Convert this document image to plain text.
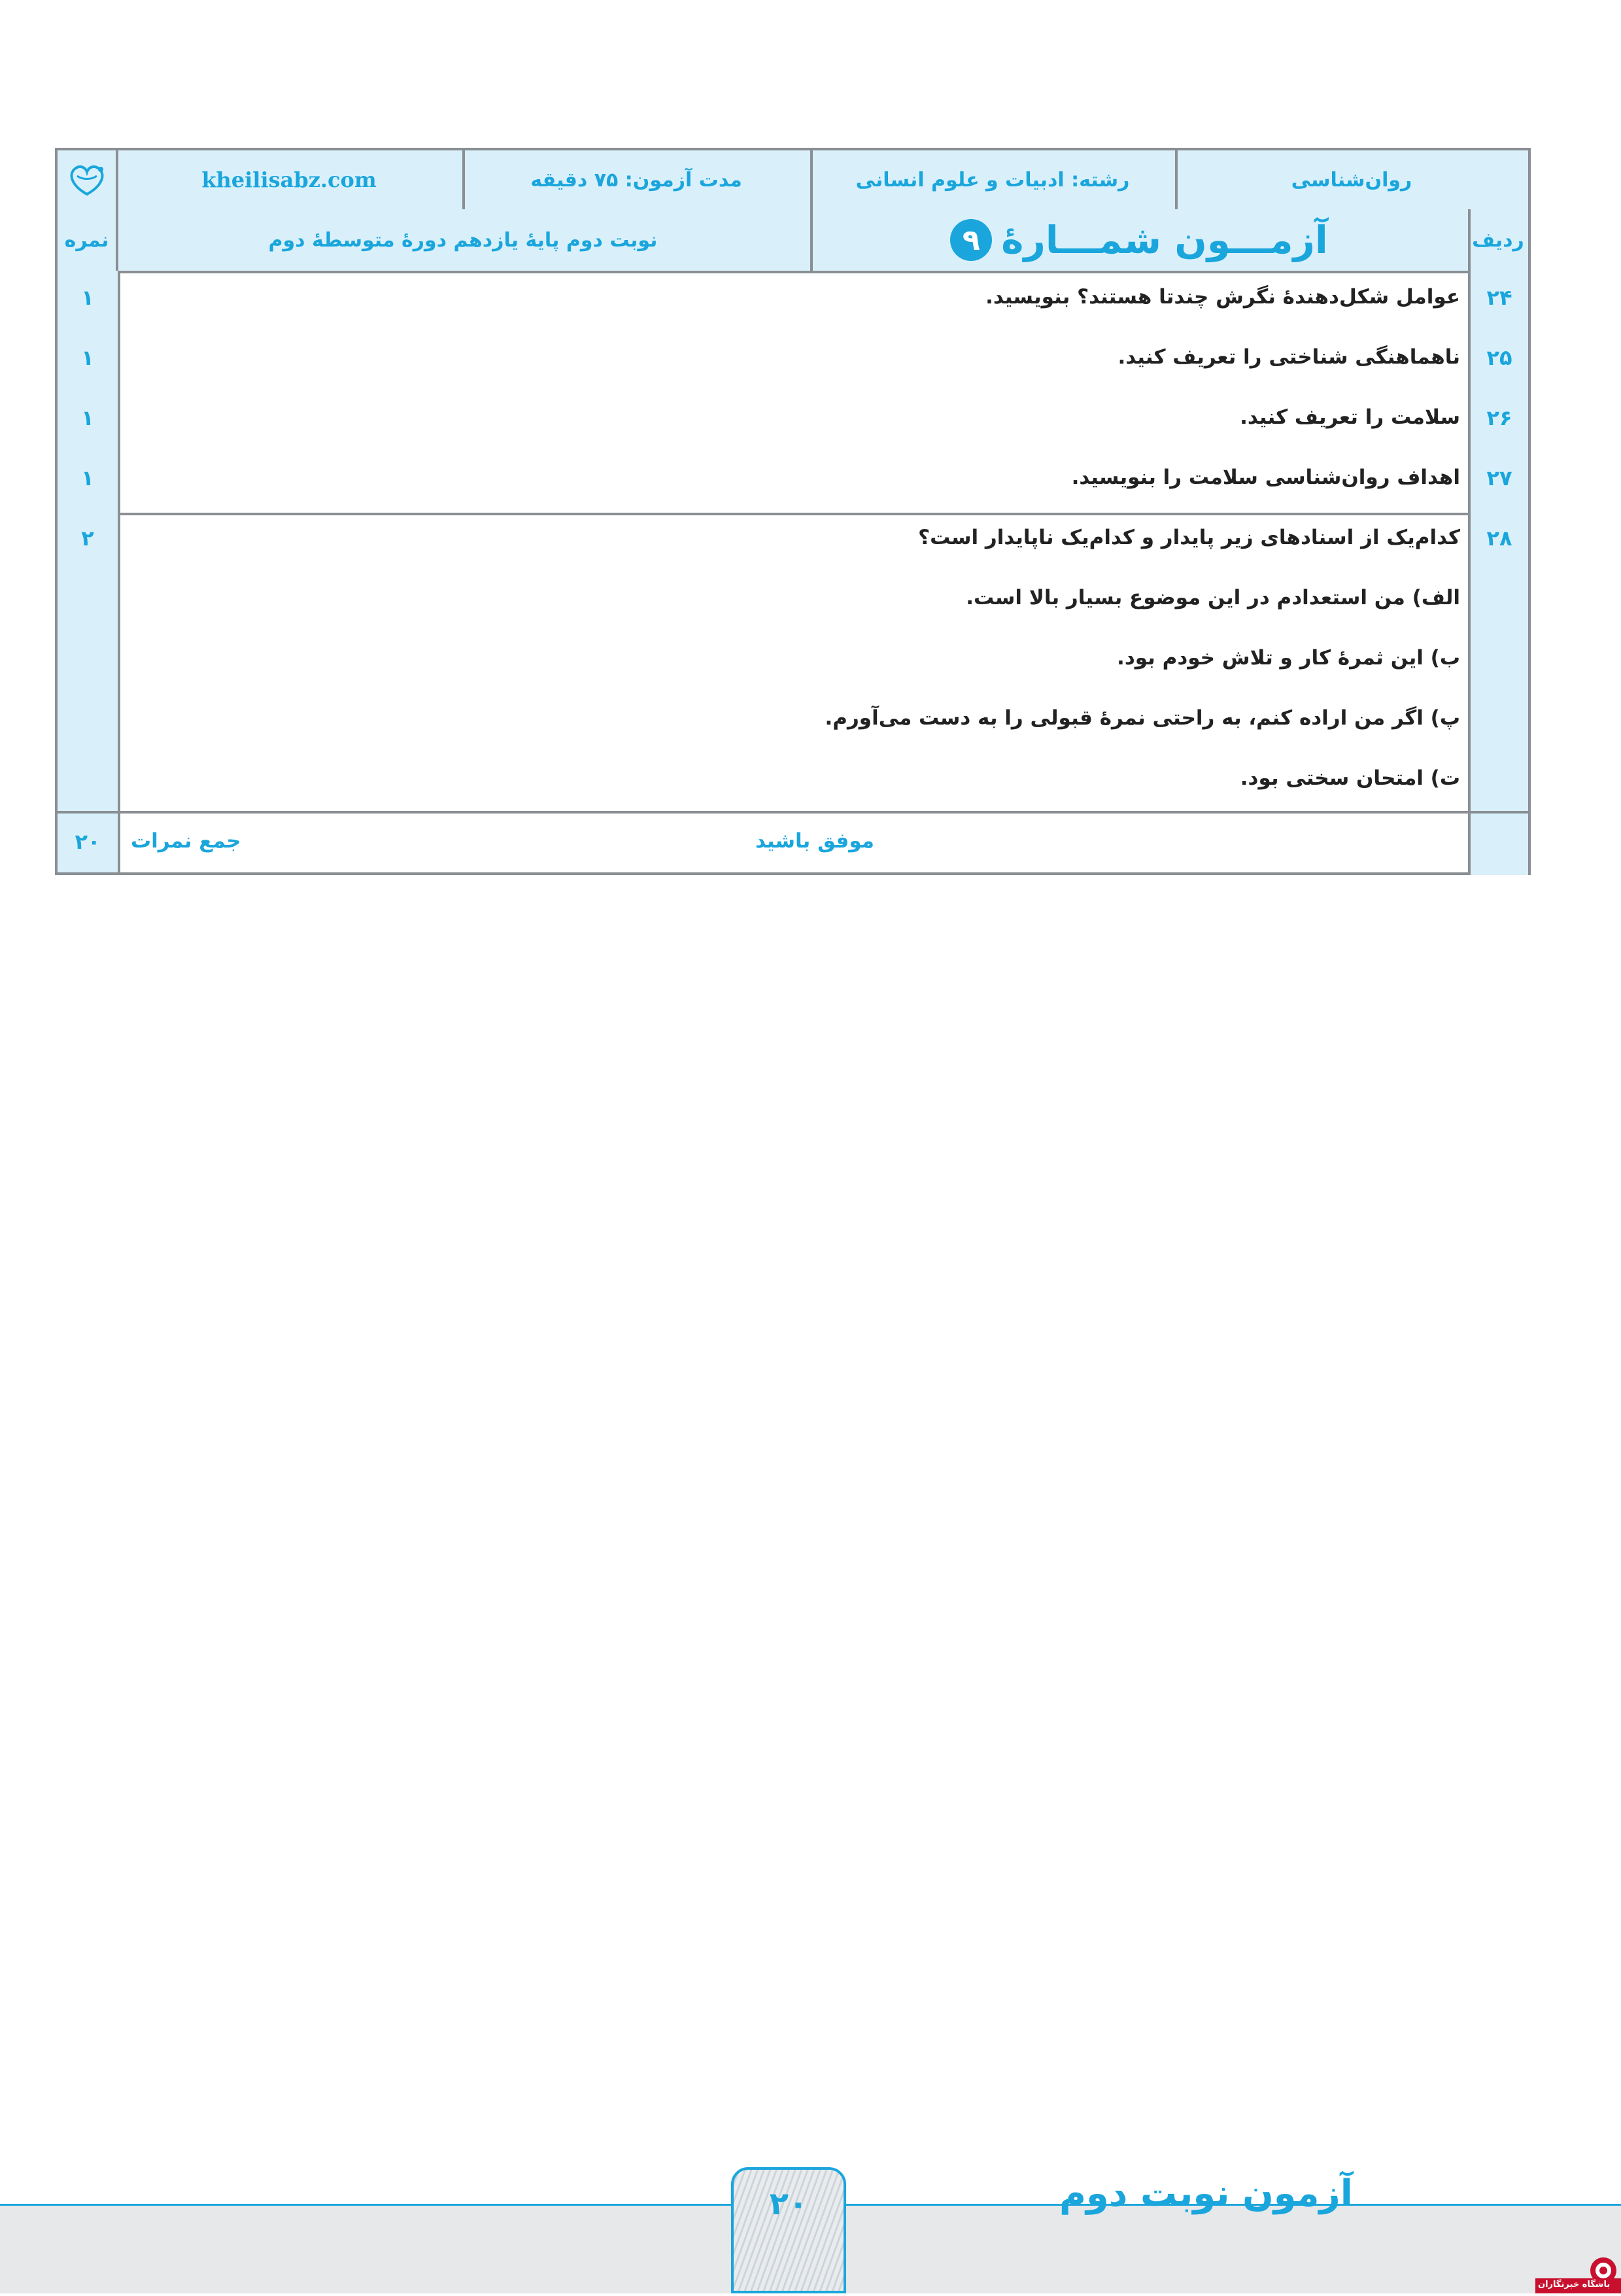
روان‌شناسی
رشته: ادبیات و علوم انسانی
مدت آزمون: ۷۵ دقیقه
kheilisabz.com
ردیف
آزمـــون شمـــارهٔ
۹
نوبت دوم پایهٔ یازدهم دورهٔ متوسطهٔ دوم
نمره
۲۴
۲۵
۲۶
۲۷
۲۸
عوامل شکل‌دهندهٔ نگرش چندتا هستند؟ بنویسید.
ناهماهنگی شناختی را تعریف کنید.
سلامت را تعریف کنید.
اهداف روان‌شناسی سلامت را بنویسید.
کدام‌یک از اسنادهای زیر پایدار و کدام‌یک ناپایدار است؟
الف) من استعدادم در این موضوع بسیار بالا است.
ب) این ثمرهٔ کار و تلاش خودم بود.
پ) اگر من اراده کنم، به راحتی نمرهٔ قبولی را به دست می‌آورم.
ت) امتحان سختی بود.
۱
۱
۱
۱
۲
موفق باشید
جمع نمرات
۲۰
آزمون نوبت دوم
۲۰
باشگاه خبرنگاران
